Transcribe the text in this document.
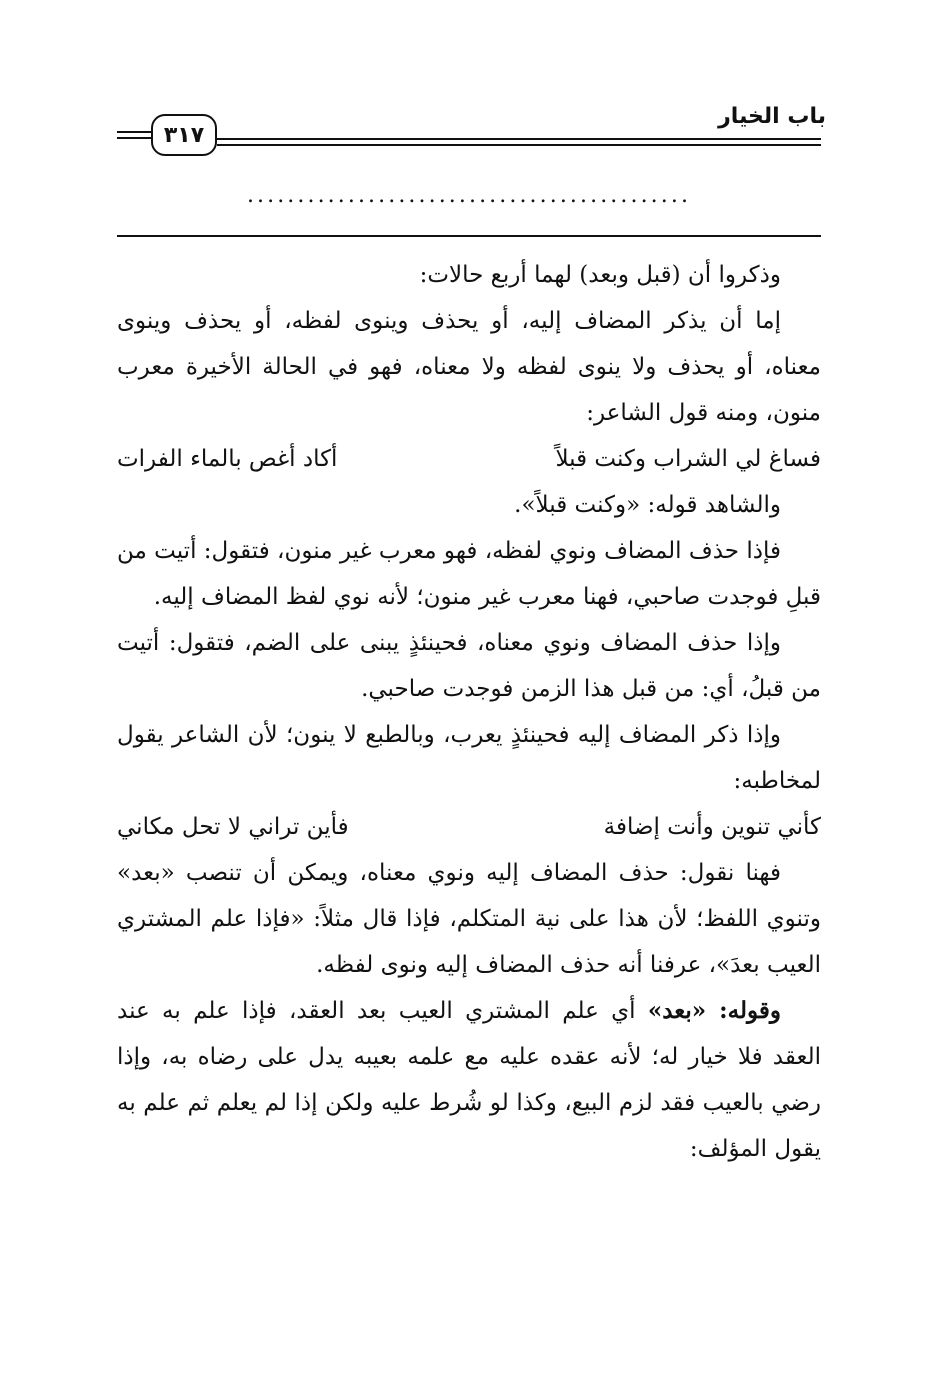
باب الخيار
٣١٧
............................................

وذكروا أن (قبل وبعد) لهما أربع حالات:

إما أن يذكر المضاف إليه، أو يحذف وينوى لفظه، أو يحذف وينوى معناه، أو يحذف ولا ينوى لفظه ولا معناه، فهو في الحالة الأخيرة معرب منون، ومنه قول الشاعر:

فساغ لي الشراب وكنت قبلاً
أكاد أغص بالماء الفرات

والشاهد قوله: «وكنت قبلاً».

فإذا حذف المضاف ونوي لفظه، فهو معرب غير منون، فتقول: أتيت من قبلِ فوجدت صاحبي، فهنا معرب غير منون؛ لأنه نوي لفظ المضاف إليه.

وإذا حذف المضاف ونوي معناه، فحينئذٍ يبنى على الضم، فتقول: أتيت من قبلُ، أي: من قبل هذا الزمن فوجدت صاحبي.

وإذا ذكر المضاف إليه فحينئذٍ يعرب، وبالطبع لا ينون؛ لأن الشاعر يقول لمخاطبه:

كأني تنوين وأنت إضافة
فأين تراني لا تحل مكاني

فهنا نقول: حذف المضاف إليه ونوي معناه، ويمكن أن تنصب «بعد» وتنوي اللفظ؛ لأن هذا على نية المتكلم، فإذا قال مثلاً: «فإذا علم المشتري العيب بعدَ»، عرفنا أنه حذف المضاف إليه ونوى لفظه.

وقوله: «بعد» أي علم المشتري العيب بعد العقد، فإذا علم به عند العقد فلا خيار له؛ لأنه عقده عليه مع علمه بعيبه يدل على رضاه به، وإذا رضي بالعيب فقد لزم البيع، وكذا لو شُرط عليه ولكن إذا لم يعلم ثم علم به يقول المؤلف:
